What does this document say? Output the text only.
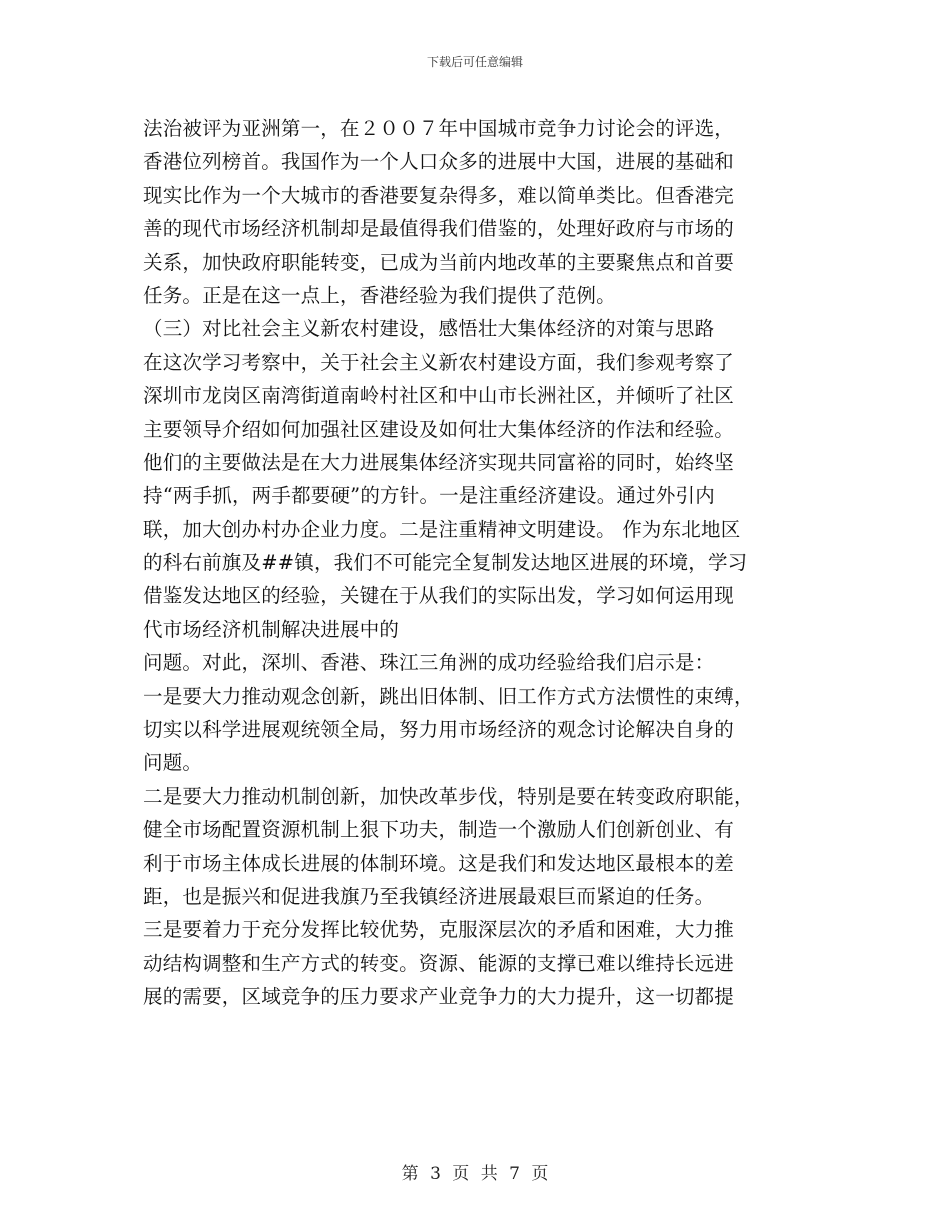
下载后可任意编辑
法治被评为亚洲第一，在２００７年中国城市竞争力讨论会的评选，
香港位列榜首。我国作为一个人口众多的进展中大国，进展的基础和
现实比作为一个大城市的香港要复杂得多，难以简单类比。但香港完
善的现代市场经济机制却是最值得我们借鉴的，处理好政府与市场的
关系，加快政府职能转变，已成为当前内地改革的主要聚焦点和首要
任务。正是在这一点上，香港经验为我们提供了范例。
（三）对比社会主义新农村建设，感悟壮大集体经济的对策与思路
在这次学习考察中，关于社会主义新农村建设方面，我们参观考察了
深圳市龙岗区南湾街道南岭村社区和中山市长洲社区，并倾听了社区
主要领导介绍如何加强社区建设及如何壮大集体经济的作法和经验。
他们的主要做法是在大力进展集体经济实现共同富裕的同时，始终坚
持“两手抓，两手都要硬”的方针。一是注重经济建设。通过外引内
联，加大创办村办企业力度。二是注重精神文明建设。 作为东北地区
的科右前旗及##镇，我们不可能完全复制发达地区进展的环境，学习
借鉴发达地区的经验，关键在于从我们的实际出发，学习如何运用现
代市场经济机制解决进展中的
问题。对此，深圳、香港、珠江三角洲的成功经验给我们启示是：
一是要大力推动观念创新，跳出旧体制、旧工作方式方法惯性的束缚，
切实以科学进展观统领全局，努力用市场经济的观念讨论解决自身的
问题。
二是要大力推动机制创新，加快改革步伐，特别是要在转变政府职能，
健全市场配置资源机制上狠下功夫，制造一个激励人们创新创业、有
利于市场主体成长进展的体制环境。这是我们和发达地区最根本的差
距，也是振兴和促进我旗乃至我镇经济进展最艰巨而紧迫的任务。
三是要着力于充分发挥比较优势，克服深层次的矛盾和困难，大力推
动结构调整和生产方式的转变。资源、能源的支撑已难以维持长远进
展的需要，区域竞争的压力要求产业竞争力的大力提升，这一切都提
第 3 页 共 7 页
